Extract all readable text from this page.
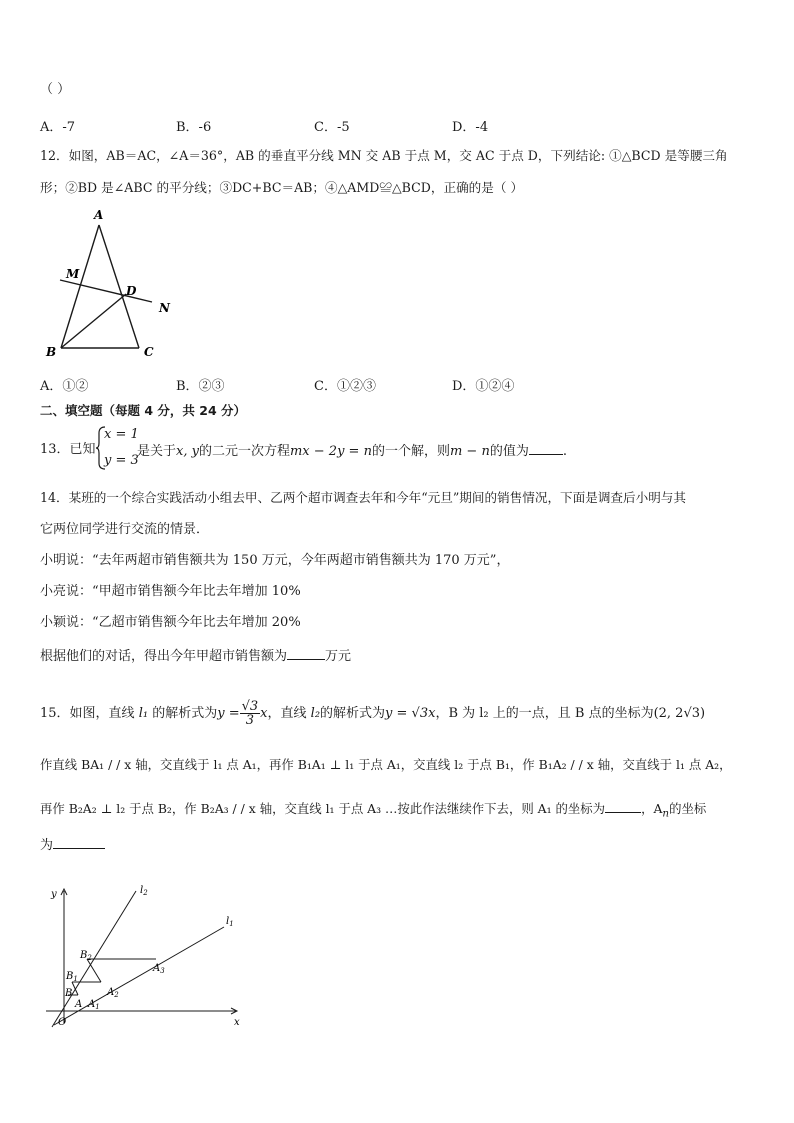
（ ）
A．-7	B．-6	C．-5	D．-4
12．如图，AB＝AC，∠A＝36°，AB 的垂直平分线 MN 交 AB 于点 M，交 AC 于点 D，下列结论: ①△BCD 是等腰三角
形；②BD 是∠ABC 的平分线；③DC+BC＝AB；④△AMD≌△BCD，正确的是（ ）
A
M
D
N
B	C
A．①②	B．②③	C．①②③	D．①②④
二、填空题（每题 4 分，共 24 分）
13．已知
x = 1
y = 3
是关于x, y的二元一次方程mx − 2y = n的一个解，则m − n的值为	.
14．某班的一个综合实践活动小组去甲、乙两个超市调查去年和今年“元旦”期间的销售情况，下面是调查后小明与其
它两位同学进行交流的情景．
小明说：“去年两超市销售额共为 150 万元，今年两超市销售额共为 170 万元”，
小亮说：“甲超市销售额今年比去年增加 10%
小颖说：“乙超市销售额今年比去年增加 20%
根据他们的对话，得出今年甲超市销售额为	万元
15．如图，直线 l₁ 的解析式为$y = \frac{√3}{3}$ x，直线 l₂的解析式为y = √3x，B 为 l₂ 上的一点，且 B 点的坐标为(2, 2√3)
作直线 BA₁ / / x 轴，交直线于 l₁ 点 A₁，再作 B₁A₁ ⊥ l₁ 于点 A₁，交直线 l₂ 于点 B₁，作 B₁A₂ / / x 轴，交直线于 l₁ 点 A₂，
再作 B₂A₂ ⊥ l₂ 于点 B₂，作 B₂A₃ / / x 轴，交直线 l₁ 于点 A₃ …按此作法继续作下去，则 A₁ 的坐标为	，$A_n$的坐标
为
y
x
O
$l_2$
$l_1$
B
A
$B_1$
$A_1$
$B_2$
$A_2$
$A_3$
